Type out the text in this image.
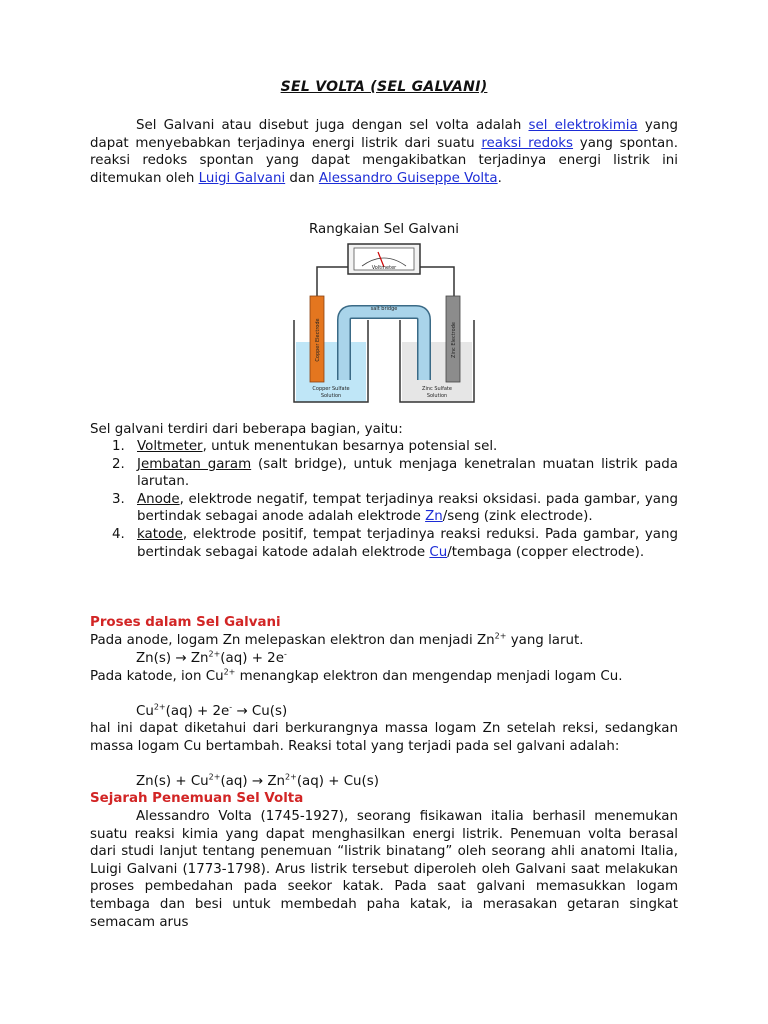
SEL VOLTA (SEL GALVANI)

Sel Galvani atau disebut juga dengan sel volta adalah sel elektrokimia yang dapat menyebabkan terjadinya energi listrik dari suatu reaksi redoks yang spontan. reaksi redoks spontan yang dapat mengakibatkan terjadinya energi listrik ini ditemukan oleh Luigi Galvani dan Alessandro Guiseppe Volta.

Rangkaian Sel Galvani
Voltmeter
Copper Sulfate
Solution
Zinc Sulfate
Solution
salt bridge
Copper Electrode	Zinc Electrode
Sel galvani terdiri dari beberapa bagian, yaitu:
1. Voltmeter, untuk menentukan besarnya potensial sel.
2. Jembatan garam (salt bridge), untuk menjaga kenetralan muatan listrik pada larutan.
3. Anode, elektrode negatif, tempat terjadinya reaksi oksidasi. pada gambar, yang bertindak sebagai anode adalah elektrode Zn/seng (zink electrode).
4. katode, elektrode positif, tempat terjadinya reaksi reduksi. Pada gambar, yang bertindak sebagai katode adalah elektrode Cu/tembaga (copper electrode).
Proses dalam Sel Galvani
Pada anode, logam Zn melepaskan elektron dan menjadi $Zn^{2+}$ yang larut.
$Zn(s) \to Zn^{2+}(aq) + 2e^-$
Pada katode, ion $Cu^{2+}$ menangkap elektron dan mengendap menjadi logam Cu.
$Cu^{2+}(aq) + 2e^- \to Cu(s)$
hal ini dapat diketahui dari berkurangnya massa logam Zn setelah reksi, sedangkan massa logam Cu bertambah. Reaksi total yang terjadi pada sel galvani adalah:
$Zn(s) + Cu^{2+}(aq) \to Zn^{2+}(aq) + Cu(s)$
Sejarah Penemuan Sel Volta

Alessandro Volta (1745-1927), seorang fisikawan italia berhasil menemukan suatu reaksi kimia yang dapat menghasilkan energi listrik. Penemuan volta berasal dari studi lanjut tentang penemuan “listrik binatang” oleh seorang ahli anatomi Italia, Luigi Galvani (1773-1798). Arus listrik tersebut diperoleh oleh Galvani saat melakukan proses pembedahan pada seekor katak. Pada saat galvani memasukkan logam tembaga dan besi untuk membedah paha katak, ia merasakan getaran singkat semacam arus
